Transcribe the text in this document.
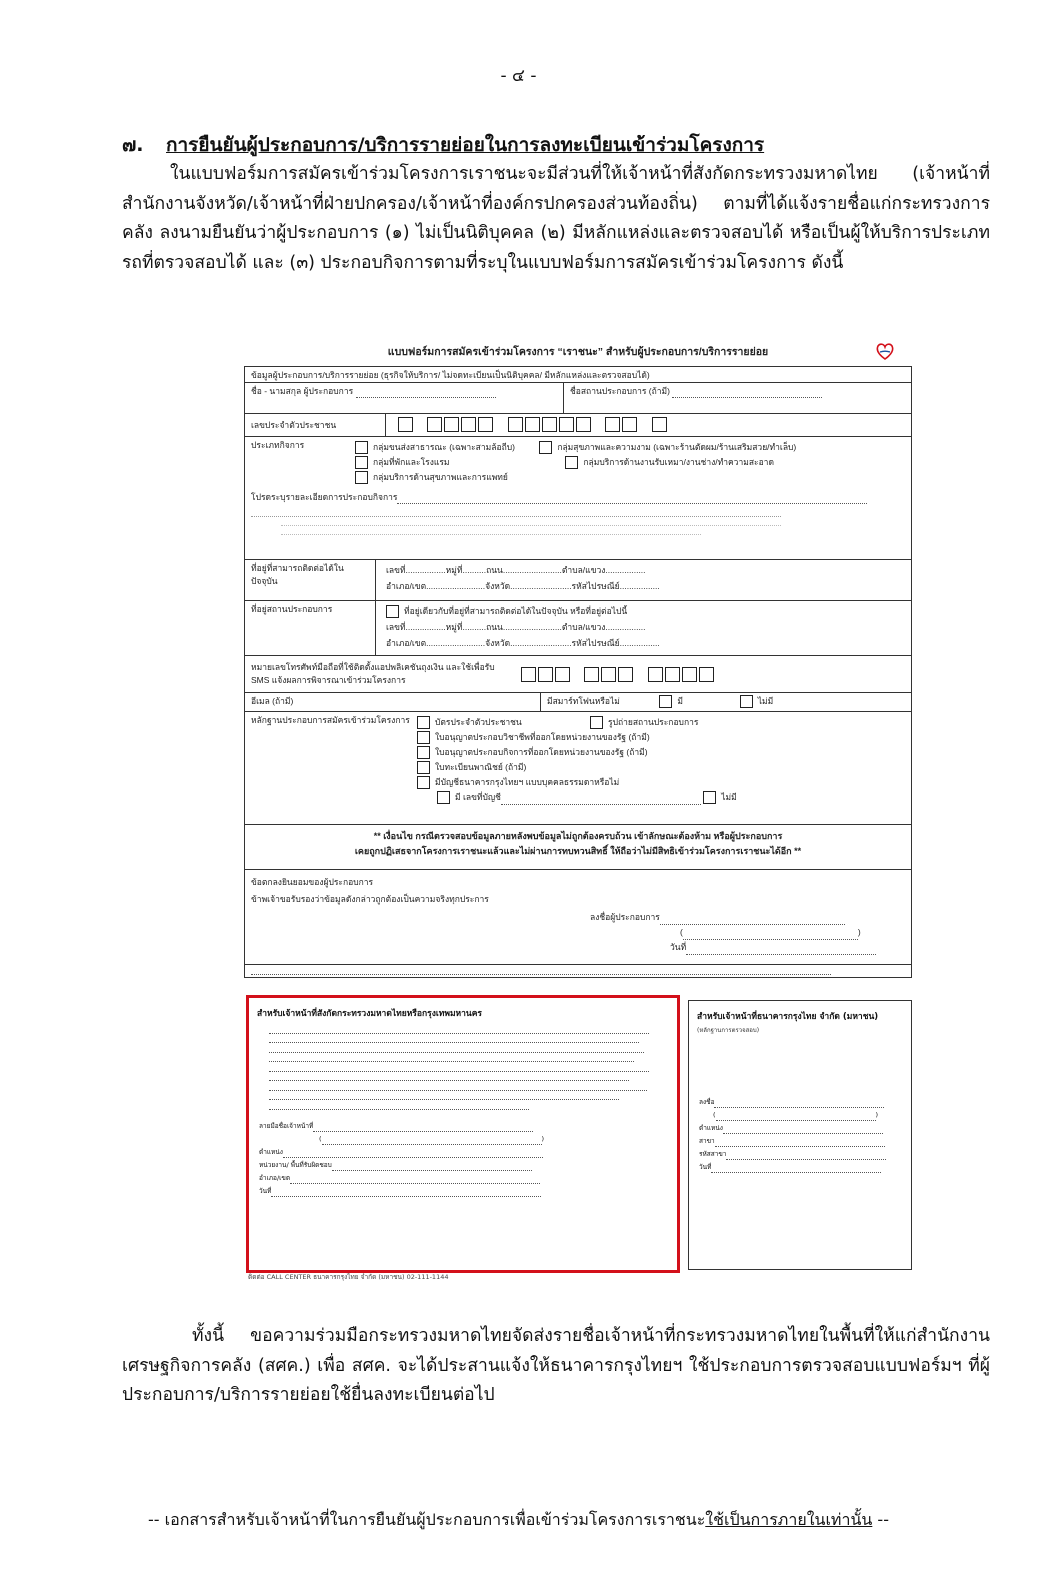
- ๔ -
๗. การยืนยันผู้ประกอบการ/บริการรายย่อยในการลงทะเบียนเข้าร่วมโครงการ
ในแบบฟอร์มการสมัครเข้าร่วมโครงการเราชนะจะมีส่วนที่ให้เจ้าหน้าที่สังกัดกระทรวงมหาดไทย (เจ้าหน้าที่สำนักงานจังหวัด/เจ้าหน้าที่ฝ่ายปกครอง/เจ้าหน้าที่องค์กรปกครองส่วนท้องถิ่น) ตามที่ได้แจ้งรายชื่อแก่กระทรวงการคลัง ลงนามยืนยันว่าผู้ประกอบการ (๑) ไม่เป็นนิติบุคคล (๒) มีหลักแหล่งและตรวจสอบได้ หรือเป็นผู้ให้บริการประเภทรถที่ตรวจสอบได้ และ (๓) ประกอบกิจการตามที่ระบุในแบบฟอร์มการสมัครเข้าร่วมโครงการ ดังนี้
แบบฟอร์มการสมัครเข้าร่วมโครงการ “เราชนะ” สำหรับผู้ประกอบการ/บริการรายย่อย
ข้อมูลผู้ประกอบการ/บริการรายย่อย (ธุรกิจให้บริการ/ ไม่จดทะเบียนเป็นนิติบุคคล/ มีหลักแหล่งและตรวจสอบได้)
ชื่อ - นามสกุล ผู้ประกอบการ	ชื่อสถานประกอบการ (ถ้ามี)
เลขประจำตัวประชาชน

ประเภทกิจการ	กลุ่มขนส่งสาธารณะ (เฉพาะสามล้อถีบ)	กลุ่มสุขภาพและความงาม (เฉพาะร้านตัดผม/ร้านเสริมสวย/ทำเล็บ)
กลุ่มที่พักและโรงแรม	กลุ่มบริการด้านงานรับเหมา/งานช่าง/ทำความสะอาด
กลุ่มบริการด้านสุขภาพและการแพทย์
โปรดระบุรายละเอียดการประกอบกิจการ
ที่อยู่ที่สามารถติดต่อได้ในปัจจุบัน
เลขที่.................หมู่ที่..........ถนน.........................ตำบล/แขวง.................
อำเภอ/เขต.........................จังหวัด..........................รหัสไปรษณีย์.................
ที่อยู่สถานประกอบการ	ที่อยู่เดียวกับที่อยู่ที่สามารถติดต่อได้ในปัจจุบัน หรือที่อยู่ต่อไปนี้
เลขที่.................หมู่ที่..........ถนน.........................ตำบล/แขวง.................
อำเภอ/เขต.........................จังหวัด..........................รหัสไปรษณีย์.................
หมายเลขโทรศัพท์มือถือที่ใช้ติดตั้งแอปพลิเคชันถุงเงิน และใช้เพื่อรับ SMS แจ้งผลการพิจารณาเข้าร่วมโครงการ

อีเมล (ถ้ามี)	มีสมาร์ทโฟนหรือไม่	มี	ไม่มี
หลักฐานประกอบการสมัครเข้าร่วมโครงการ	บัตรประจำตัวประชาชน	รูปถ่ายสถานประกอบการ
ใบอนุญาตประกอบวิชาชีพที่ออกโดยหน่วยงานของรัฐ (ถ้ามี)
ใบอนุญาตประกอบกิจการที่ออกโดยหน่วยงานของรัฐ (ถ้ามี)
ใบทะเบียนพาณิชย์ (ถ้ามี)
มีบัญชีธนาคารกรุงไทยฯ แบบบุคคลธรรมดาหรือไม่
มี เลขที่บัญชี	ไม่มี
** เงื่อนไข กรณีตรวจสอบข้อมูลภายหลังพบข้อมูลไม่ถูกต้องครบถ้วน เข้าลักษณะต้องห้าม หรือผู้ประกอบการ
เคยถูกปฏิเสธจากโครงการเราชนะแล้วและไม่ผ่านการทบทวนสิทธิ์ ให้ถือว่าไม่มีสิทธิเข้าร่วมโครงการเราชนะได้อีก **
ข้อตกลงยินยอมของผู้ประกอบการ
ข้าพเจ้าขอรับรองว่าข้อมูลดังกล่าวถูกต้องเป็นความจริงทุกประการ
ลงชื่อผู้ประกอบการ
(	)
วันที่
สำหรับเจ้าหน้าที่สังกัดกระทรวงมหาดไทยหรือกรุงเทพมหานคร
ลายมือชื่อเจ้าหน้าที่
(	)
ตำแหน่ง
หน่วยงาน/ พื้นที่รับผิดชอบ
อำเภอ/เขต
วันที่
สำหรับเจ้าหน้าที่ธนาคารกรุงไทย จำกัด (มหาชน)
(หลักฐานการตรวจสอบ)
ลงชื่อ
(	)
ตำแหน่ง
สาขา
รหัสสาขา
วันที่
ติดต่อ CALL CENTER ธนาคารกรุงไทย จำกัด (มหาชน) 02-111-1144
ทั้งนี้ ขอความร่วมมือกระทรวงมหาดไทยจัดส่งรายชื่อเจ้าหน้าที่กระทรวงมหาดไทยในพื้นที่ให้แก่สำนักงานเศรษฐกิจการคลัง (สศค.) เพื่อ สศค. จะได้ประสานแจ้งให้ธนาคารกรุงไทยฯ ใช้ประกอบการตรวจสอบแบบฟอร์มฯ ที่ผู้ประกอบการ/บริการรายย่อยใช้ยื่นลงทะเบียนต่อไป
-- เอกสารสำหรับเจ้าหน้าที่ในการยืนยันผู้ประกอบการเพื่อเข้าร่วมโครงการเราชนะใช้เป็นการภายในเท่านั้น --
